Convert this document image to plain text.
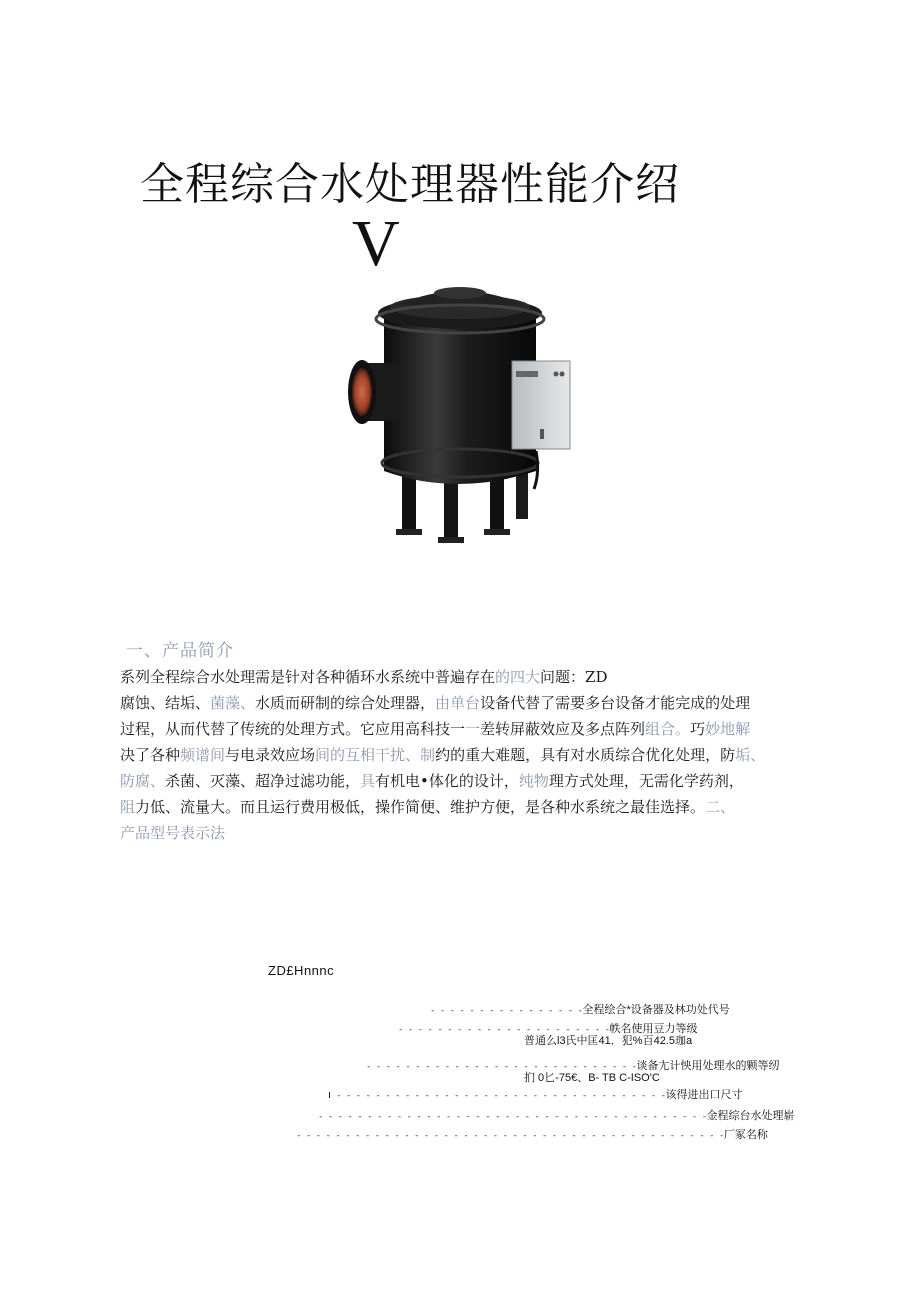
全程综合水处理器性能介绍
V
一、产品简介
系列全程综合水处理需是针对各种循环水系统中普遍存在的四大问题：ZD
腐蚀、结垢、菌藻、水质而研制的综合处理器，由单台设备代替了需要多台设备才能完成的处理
过程，从而代替了传统的处理方式。它应用高科技一一差转屏蔽效应及多点阵列组合。巧妙地解
决了各种频谱间与电录效应场间的互相干扰、制约的重大难题，具有对水质综合优化处理，防垢、
防腐、杀菌、灭藻、超净过滤功能，具有机电•体化的设计，纯物理方式处理，无需化学药剂，
阻力低、流量大。而且运行费用极低，操作简便、维护方便，是各种水系统之最佳选择。二、
产品型号表示法
ZD£Hnnnc
- - - - - - - - - - - - - - - -全程绘合*设备器及林功处代号
- - - - - - - - - - - - - - - - - - - - - -帙名使用豆力等级
普通么l3氏中匡41．犯%百42.5珈a
- - - - - - - - - - - - - - - - - - - - - - - - - - - -谈备尢计怏用处理水的颗等纫
扪 0匕-75€、B- TB C-ISO'C
ı - - - - - - - - - - - - - - - - - - - - - - - - - - - - - - - - - -该得进出口尺寸
- - - - - - - - - - - - - - - - - - - - - - - - - - - - - - - - - - - - - - - -金程综台水处理崭
- - - - - - - - - - - - - - - - - - - - - - - - - - - - - - - - - - - - - - - - - - - -厂冢名称
